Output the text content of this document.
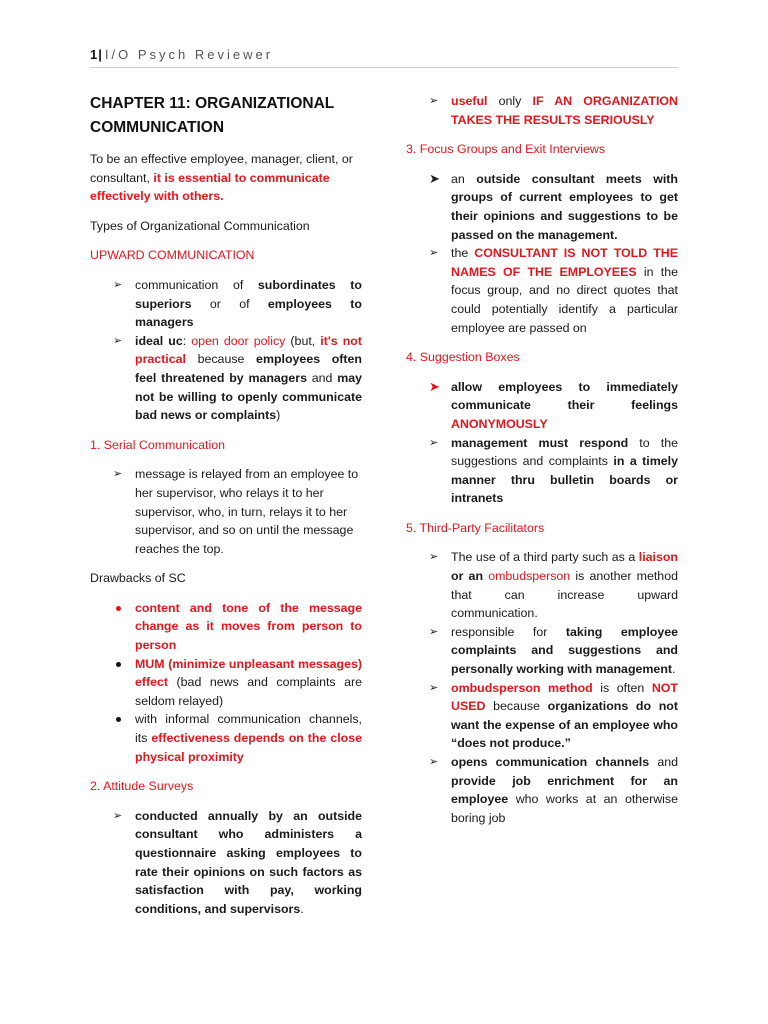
1| I/O Psych Reviewer
CHAPTER 11: ORGANIZATIONAL COMMUNICATION

To be an effective employee, manager, client, or consultant, it is essential to communicate effectively with others.

Types of Organizational Communication

UPWARD COMMUNICATION

➢ communication of subordinates to superiors or of employees to managers
➢ ideal uc: open door policy (but, it's not practical because employees often feel threatened by managers and may not be willing to openly communicate bad news or complaints)

1. Serial Communication

➢ message is relayed from an employee to her supervisor, who relays it to her supervisor, who, in turn, relays it to her supervisor, and so on until the message reaches the top.

Drawbacks of SC

content and tone of the message change as it moves from person to person
MUM (minimize unpleasant messages) effect (bad news and complaints are seldom relayed)
with informal communication channels, its effectiveness depends on the close physical proximity

2. Attitude Surveys

➢ conducted annually by an outside consultant who administers a questionnaire asking employees to rate their opinions on such factors as satisfaction with pay, working conditions, and supervisors.
➢ useful only IF AN ORGANIZATION TAKES THE RESULTS SERIOUSLY

3. Focus Groups and Exit Interviews

➤ an outside consultant meets with groups of current employees to get their opinions and suggestions to be passed on the management.
➢ the CONSULTANT IS NOT TOLD THE NAMES OF THE EMPLOYEES in the focus group, and no direct quotes that could potentially identify a particular employee are passed on

4. Suggestion Boxes

➤ allow employees to immediately communicate their feelings ANONYMOUSLY
➢ management must respond to the suggestions and complaints in a timely manner thru bulletin boards or intranets

5. Third-Party Facilitators

➢ The use of a third party such as a liaison or an ombudsperson is another method that can increase upward communication.
➢ responsible for taking employee complaints and suggestions and personally working with management.
➢ ombudsperson method is often NOT USED because organizations do not want the expense of an employee who “does not produce.”
➢ opens communication channels and provide job enrichment for an employee who works at an otherwise boring job
